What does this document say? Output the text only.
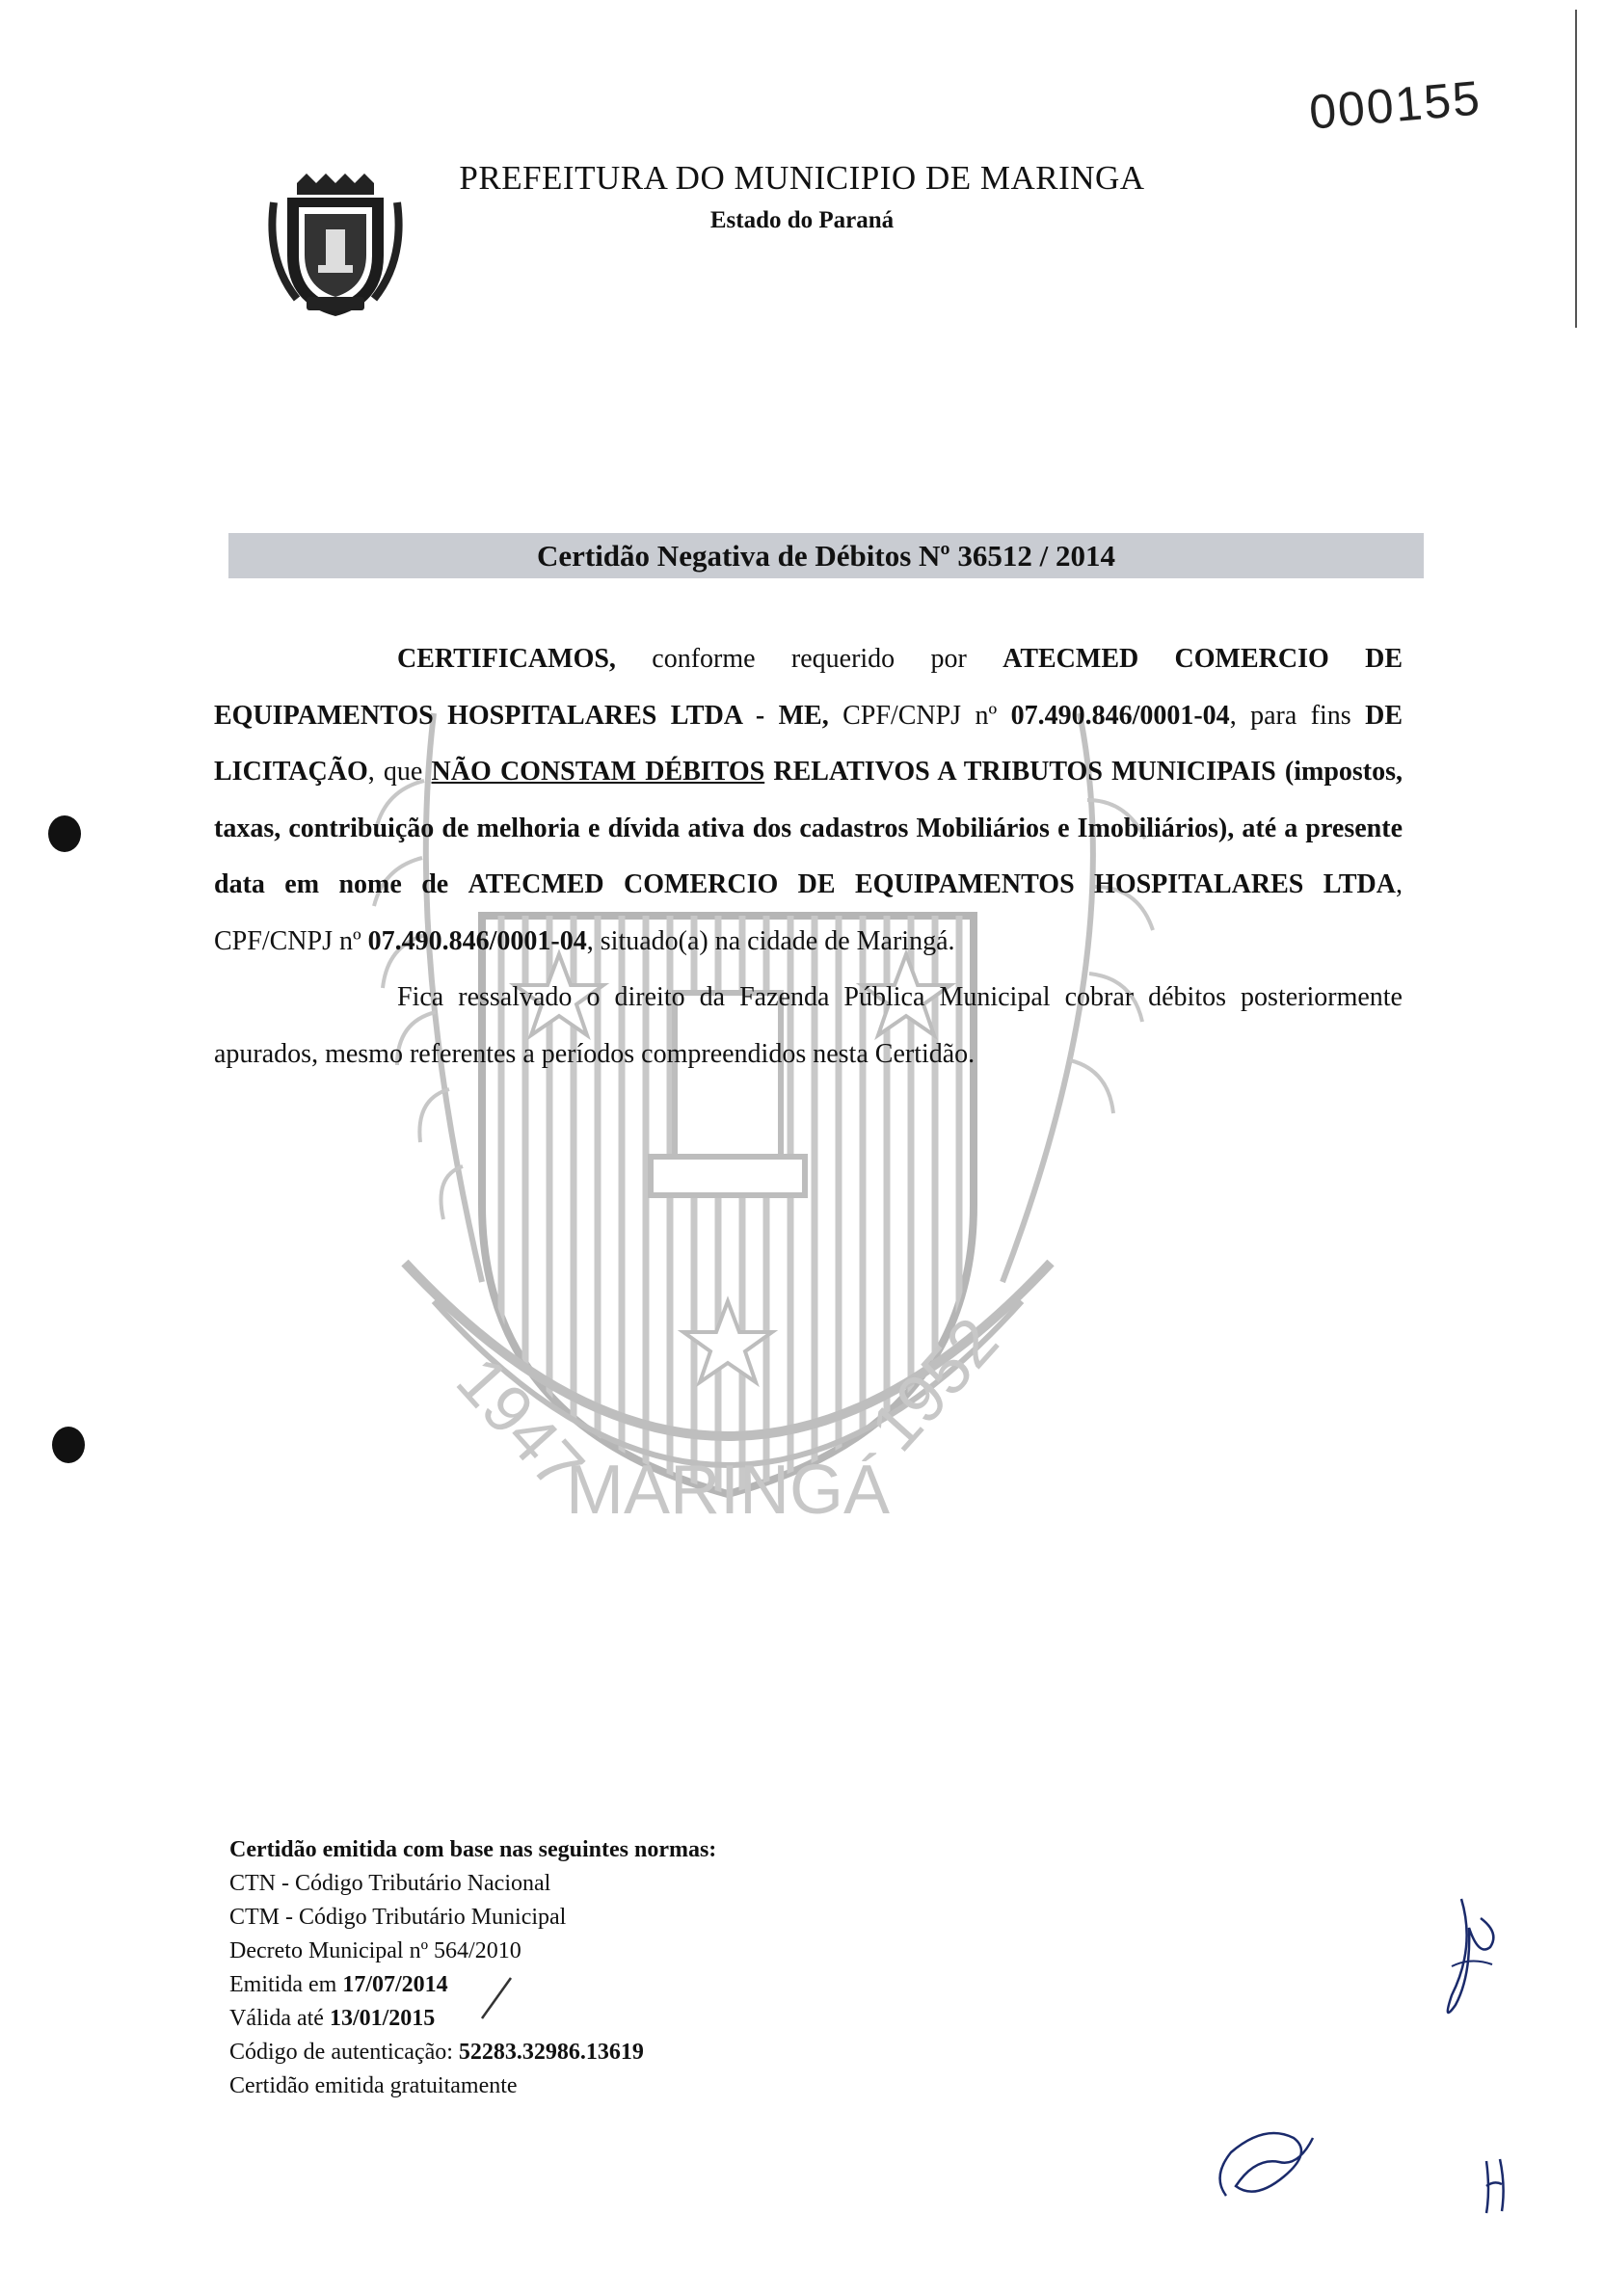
000155
PREFEITURA DO MUNICIPIO DE MARINGA
Estado do Paraná
Certidão Negativa de Débitos Nº 36512 / 2014
1947	1952
MARINGÁ

CERTIFICAMOS, conforme requerido por ATECMED COMERCIO DE EQUIPAMENTOS HOSPITALARES LTDA - ME, CPF/CNPJ nº 07.490.846/0001-04, para fins DE LICITAÇÃO, que NÃO CONSTAM DÉBITOS RELATIVOS A TRIBUTOS MUNICIPAIS (impostos, taxas, contribuição de melhoria e dívida ativa dos cadastros Mobiliários e Imobiliários), até a presente data em nome de ATECMED COMERCIO DE EQUIPAMENTOS HOSPITALARES LTDA, CPF/CNPJ nº 07.490.846/0001-04, situado(a) na cidade de Maringá.

Fica ressalvado o direito da Fazenda Pública Municipal cobrar débitos posteriormente apurados, mesmo referentes a períodos compreendidos nesta Certidão.

Certidão emitida com base nas seguintes normas:
CTN - Código Tributário Nacional
CTM - Código Tributário Municipal
Decreto Municipal nº 564/2010
Emitida em 17/07/2014
Válida até 13/01/2015
Código de autenticação: 52283.32986.13619
Certidão emitida gratuitamente
